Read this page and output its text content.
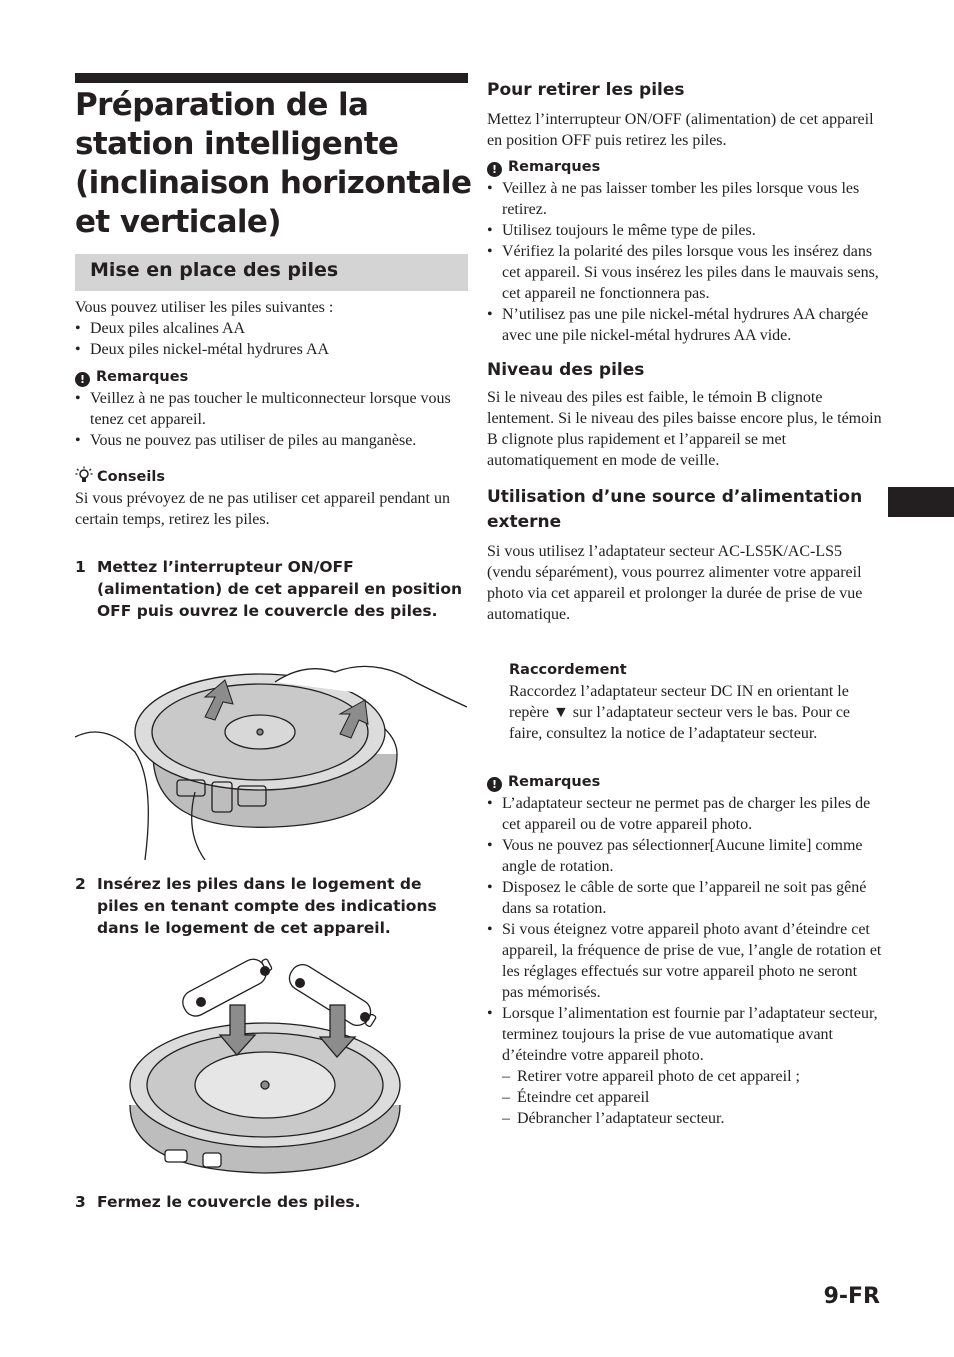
Préparation de la
station intelligente
(inclinaison horizontale
et verticale)
Mise en place des piles
Vous pouvez utiliser les piles suivantes :
• Deux piles alcalines AA
• Deux piles nickel-métal hydrures AA
! Remarques
• Veillez à ne pas toucher le multiconnecteur lorsque vous tenez cet appareil.
• Vous ne pouvez pas utiliser de piles au manganèse.
Conseils
Si vous prévoyez de ne pas utiliser cet appareil pendant un certain temps, retirez les piles.
1 Mettez l’interrupteur ON/OFF (alimentation) de cet appareil en position OFF puis ouvrez le couvercle des piles.
2 Insérez les piles dans le logement de piles en tenant compte des indications dans le logement de cet appareil.
3 Fermez le couvercle des piles.
Pour retirer les piles
Mettez l’interrupteur ON/OFF (alimentation) de cet appareil en position OFF puis retirez les piles.
! Remarques
• Veillez à ne pas laisser tomber les piles lorsque vous les retirez.
• Utilisez toujours le même type de piles.
• Vérifiez la polarité des piles lorsque vous les insérez dans cet appareil. Si vous insérez les piles dans le mauvais sens, cet appareil ne fonctionnera pas.
• N’utilisez pas une pile nickel-métal hydrures AA chargée avec une pile nickel-métal hydrures AA vide.
Niveau des piles
Si le niveau des piles est faible, le témoin B clignote lentement. Si le niveau des piles baisse encore plus, le témoin B clignote plus rapidement et l’appareil se met automatiquement en mode de veille.
Utilisation d’une source d’alimentation externe
Si vous utilisez l’adaptateur secteur AC-LS5K/AC-LS5 (vendu séparément), vous pourrez alimenter votre appareil photo via cet appareil et prolonger la durée de prise de vue automatique.
Raccordement
Raccordez l’adaptateur secteur DC IN en orientant le repère ▼ sur l’adaptateur secteur vers le bas. Pour ce faire, consultez la notice de l’adaptateur secteur.
! Remarques
• L’adaptateur secteur ne permet pas de charger les piles de cet appareil ou de votre appareil photo.
• Vous ne pouvez pas sélectionner[Aucune limite] comme angle de rotation.
• Disposez le câble de sorte que l’appareil ne soit pas gêné dans sa rotation.
• Si vous éteignez votre appareil photo avant d’éteindre cet appareil, la fréquence de prise de vue, l’angle de rotation et les réglages effectués sur votre appareil photo ne seront pas mémorisés.
• Lorsque l’alimentation est fournie par l’adaptateur secteur, terminez toujours la prise de vue automatique avant d’éteindre votre appareil photo.
– Retirer votre appareil photo de cet appareil ;
– Éteindre cet appareil
– Débrancher l’adaptateur secteur.
9-FR
